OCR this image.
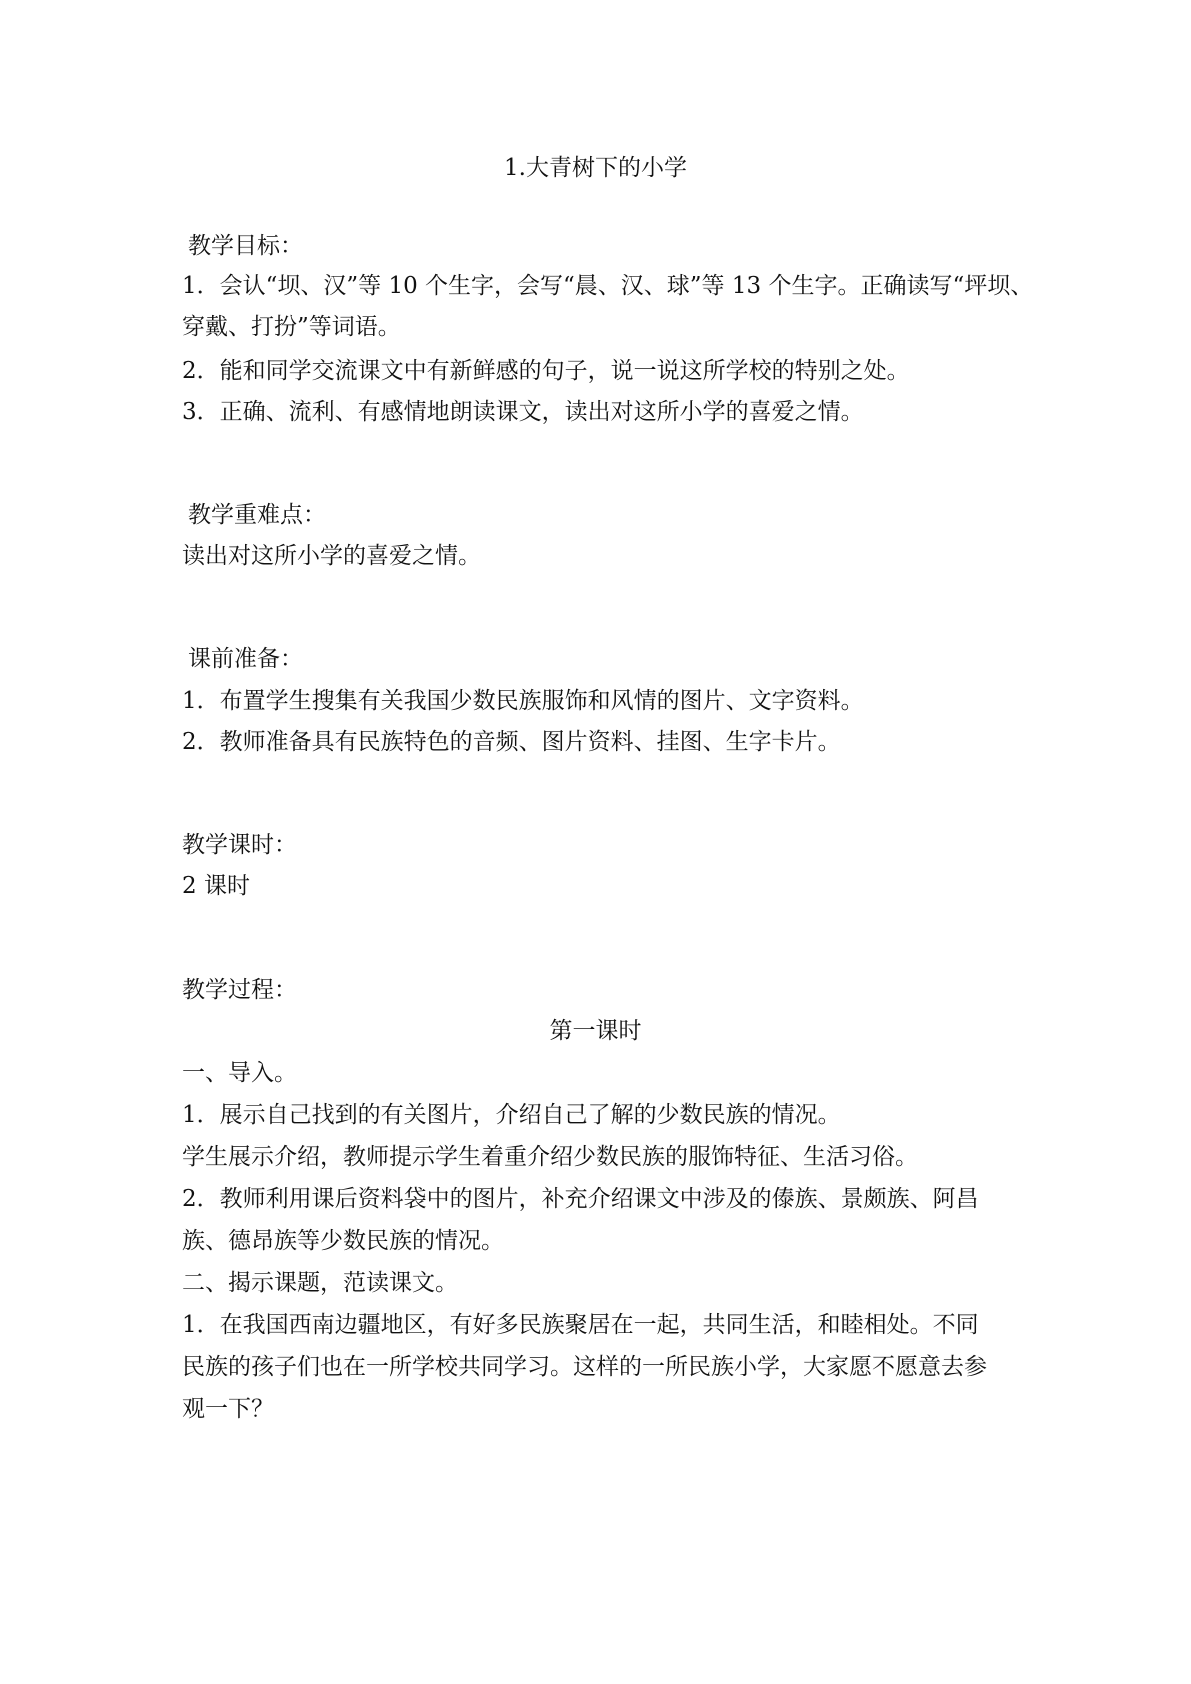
1.大青树下的小学
教学目标：
1．会认“坝、汉”等 10 个生字，会写“晨、汉、球”等 13 个生字。正确读写“坪坝、
穿戴、打扮”等词语。
2．能和同学交流课文中有新鲜感的句子，说一说这所学校的特别之处。
3．正确、流利、有感情地朗读课文，读出对这所小学的喜爱之情。
教学重难点：
读出对这所小学的喜爱之情。
课前准备：
1．布置学生搜集有关我国少数民族服饰和风情的图片、文字资料。
2．教师准备具有民族特色的音频、图片资料、挂图、生字卡片。
教学课时：
2 课时
教学过程：
第一课时
一、导入。
1．展示自己找到的有关图片，介绍自己了解的少数民族的情况。
学生展示介绍，教师提示学生着重介绍少数民族的服饰特征、生活习俗。
2．教师利用课后资料袋中的图片，补充介绍课文中涉及的傣族、景颇族、阿昌
族、德昂族等少数民族的情况。
二、揭示课题，范读课文。
1．在我国西南边疆地区，有好多民族聚居在一起，共同生活，和睦相处。不同
民族的孩子们也在一所学校共同学习。这样的一所民族小学，大家愿不愿意去参
观一下？
